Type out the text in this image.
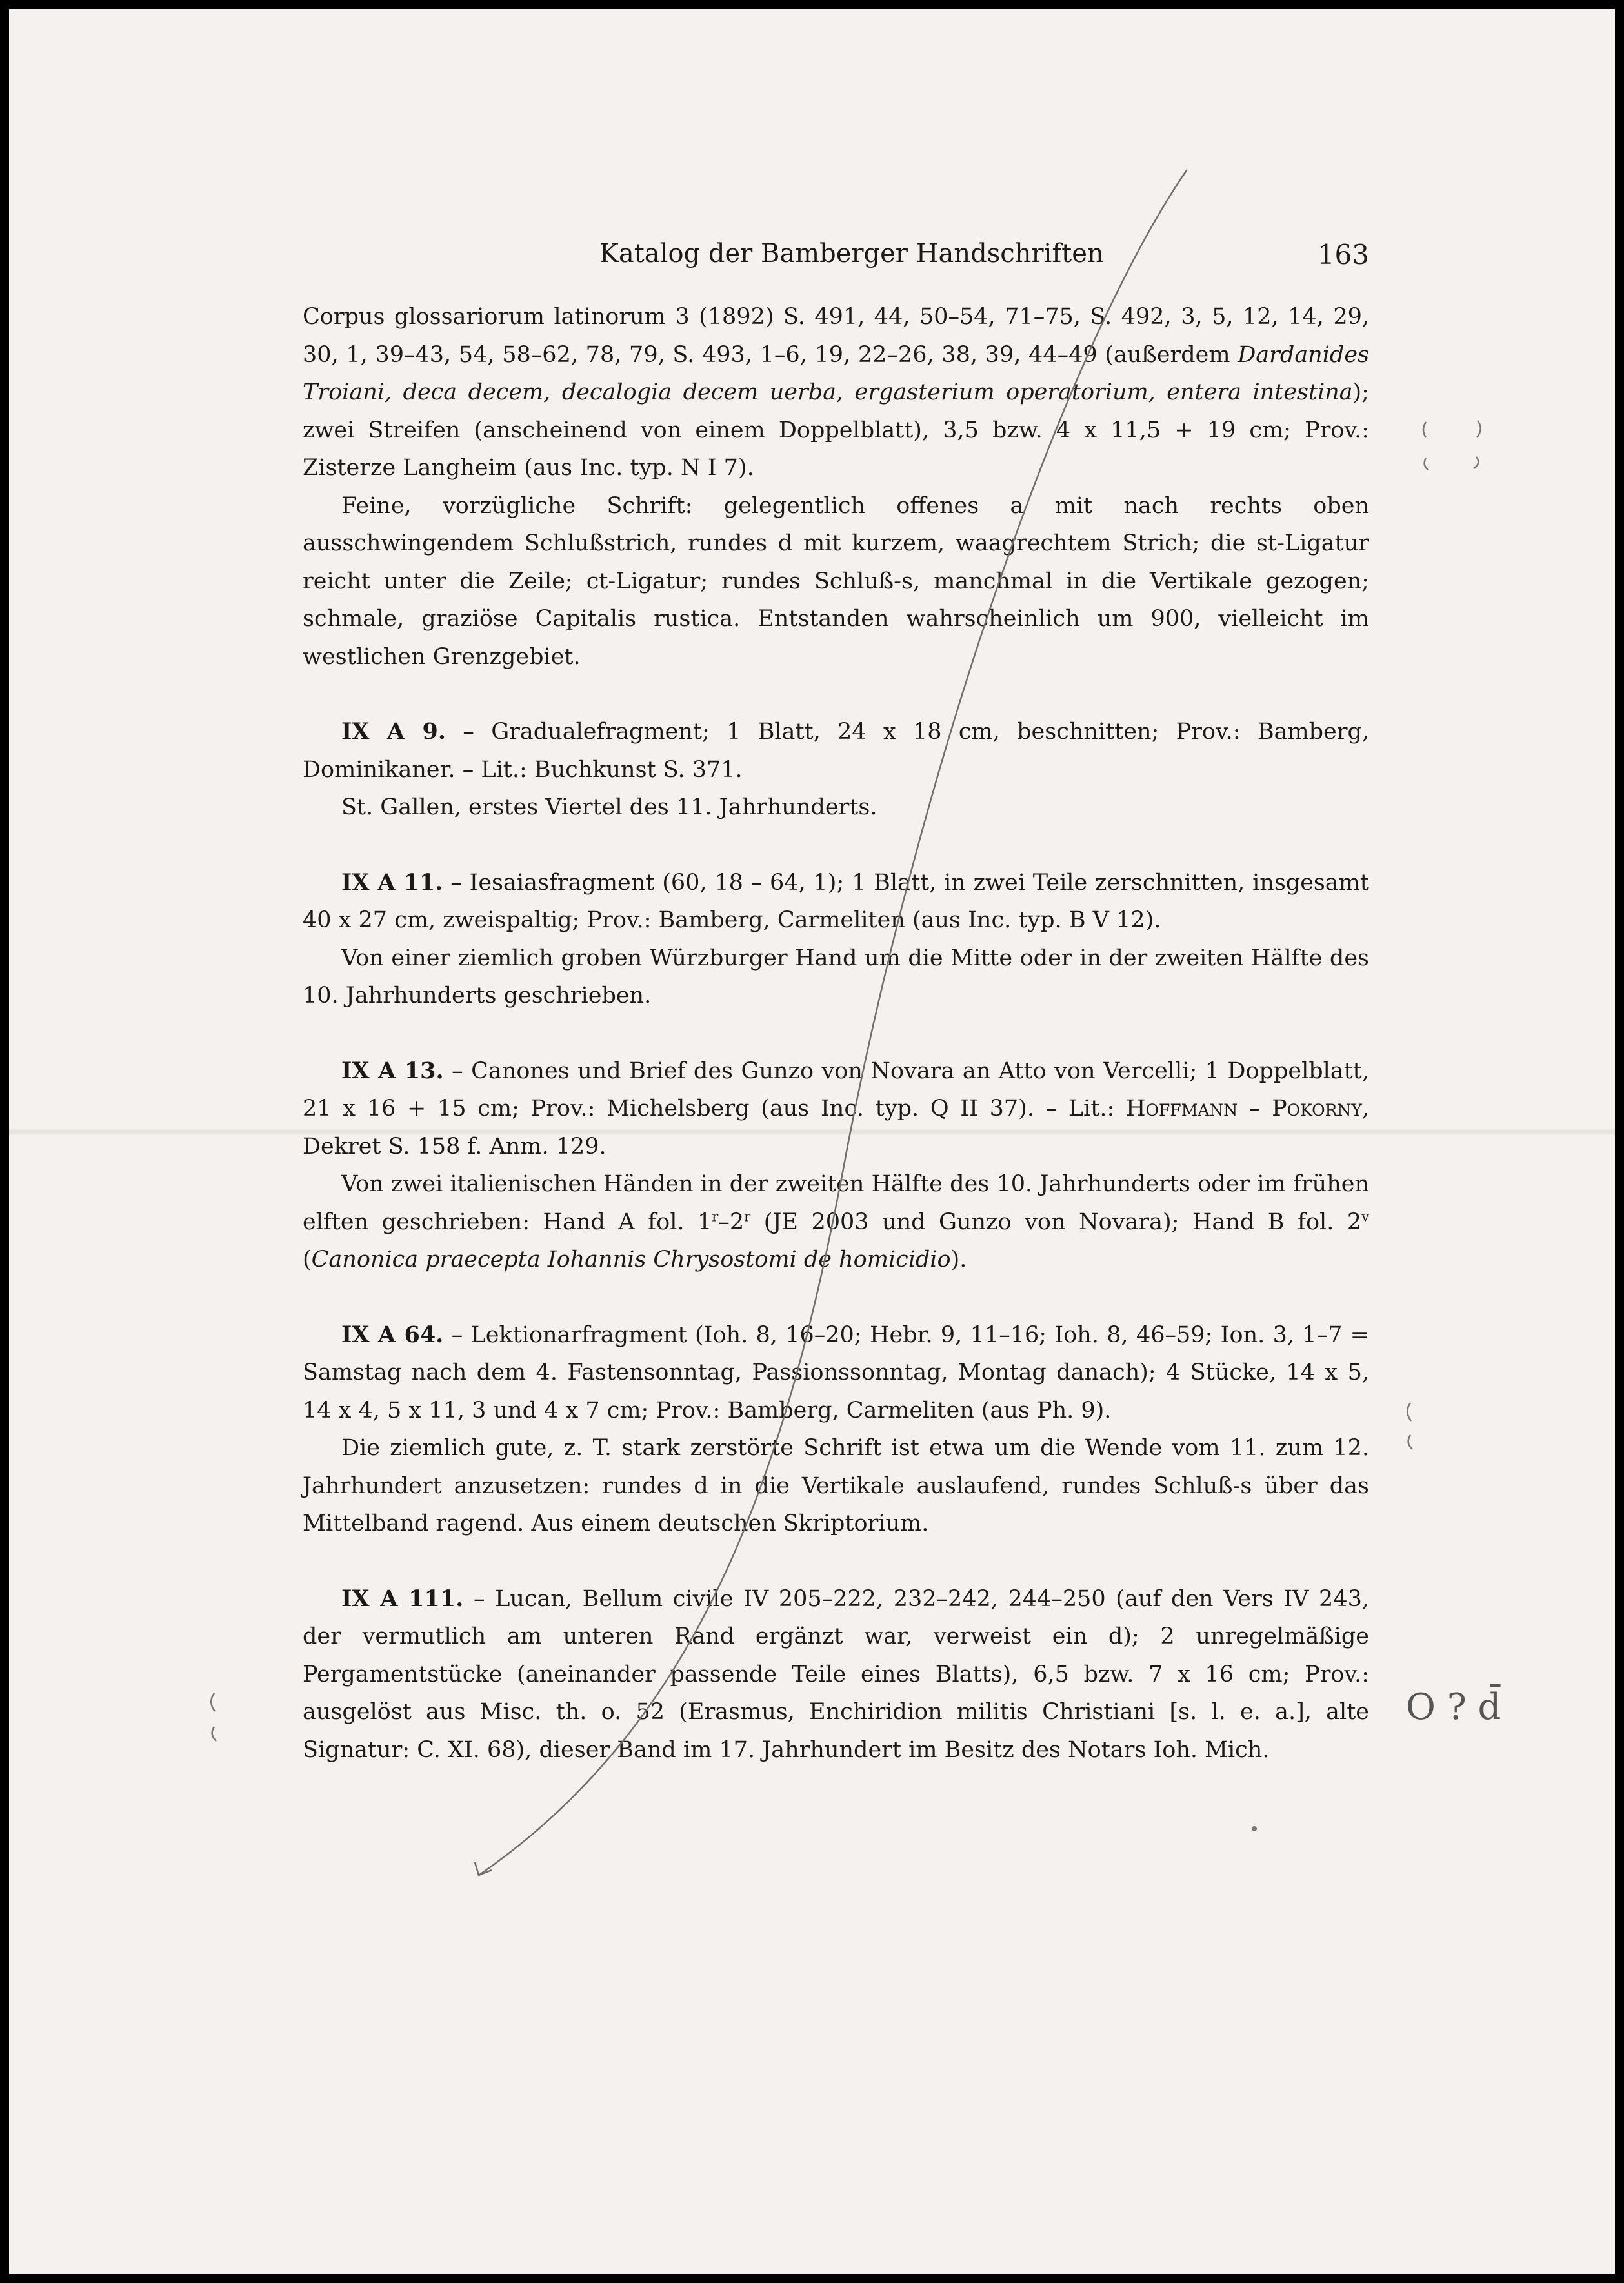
Katalog der Bamberger Handschriften	163

Corpus glossariorum latinorum 3 (1892) S. 491, 44, 50–54, 71–75, S. 492, 3, 5, 12, 14, 29, 30, 1, 39–43, 54, 58–62, 78, 79, S. 493, 1–6, 19, 22–26, 38, 39, 44–49 (außerdem Dardanides Troiani, deca decem, decalogia decem uerba, ergasterium operatorium, entera intestina); zwei Streifen (anscheinend von einem Doppelblatt), 3,5 bzw. 4 x 11,5 + 19 cm; Prov.: Zisterze Langheim (aus Inc. typ. N I 7).

Feine, vorzügliche Schrift: gelegentlich offenes a mit nach rechts oben ausschwingendem Schlußstrich, rundes d mit kurzem, waagrechtem Strich; die st-Ligatur reicht unter die Zeile; ct-Ligatur; rundes Schluß-s, manchmal in die Vertikale gezogen; schmale, graziöse Capitalis rustica. Entstanden wahrscheinlich um 900, vielleicht im westlichen Grenzgebiet.

IX A 9. – Gradualefragment; 1 Blatt, 24 x 18 cm, beschnitten; Prov.: Bamberg, Dominikaner. – Lit.: Buchkunst S. 371.

St. Gallen, erstes Viertel des 11. Jahrhunderts.

IX A 11. – Iesaiasfragment (60, 18 – 64, 1); 1 Blatt, in zwei Teile zerschnitten, insgesamt 40 x 27 cm, zweispaltig; Prov.: Bamberg, Carmeliten (aus Inc. typ. B V 12).

Von einer ziemlich groben Würzburger Hand um die Mitte oder in der zweiten Hälfte des 10. Jahrhunderts geschrieben.

IX A 13. – Canones und Brief des Gunzo von Novara an Atto von Vercelli; 1 Doppelblatt, 21 x 16 + 15 cm; Prov.: Michelsberg (aus Inc. typ. Q II 37). – Lit.: Hoffmann – Pokorny, Dekret S. 158 f. Anm. 129.

Von zwei italienischen Händen in der zweiten Hälfte des 10. Jahrhunderts oder im frühen elften geschrieben: Hand A fol. 1$^r$–2$^r$ (JE 2003 und Gunzo von Novara); Hand B fol. 2$^v$ (Canonica praecepta Iohannis Chrysostomi de homicidio).

IX A 64. – Lektionarfragment (Ioh. 8, 16–20; Hebr. 9, 11–16; Ioh. 8, 46–59; Ion. 3, 1–7 = Samstag nach dem 4. Fastensonntag, Passionssonntag, Montag danach); 4 Stücke, 14 x 5, 14 x 4, 5 x 11, 3 und 4 x 7 cm; Prov.: Bamberg, Carmeliten (aus Ph. 9).

Die ziemlich gute, z. T. stark zerstörte Schrift ist etwa um die Wende vom 11. zum 12. Jahrhundert anzusetzen: rundes d in die Vertikale auslaufend, rundes Schluß-s über das Mittelband ragend. Aus einem deutschen Skriptorium.

IX A 111. – Lucan, Bellum civile IV 205–222, 232–242, 244–250 (auf den Vers IV 243, der vermutlich am unteren Rand ergänzt war, verweist ein d); 2 unregelmäßige Pergamentstücke (aneinander passende Teile eines Blatts), 6,5 bzw. 7 x 16 cm; Prov.: ausgelöst aus Misc. th. o. 52 (Erasmus, Enchiridion militis Christiani [s. l. e. a.], alte Signatur: C. XI. 68), dieser Band im 17. Jahrhundert im Besitz des Notars Ioh. Mich.

O ? d̄
